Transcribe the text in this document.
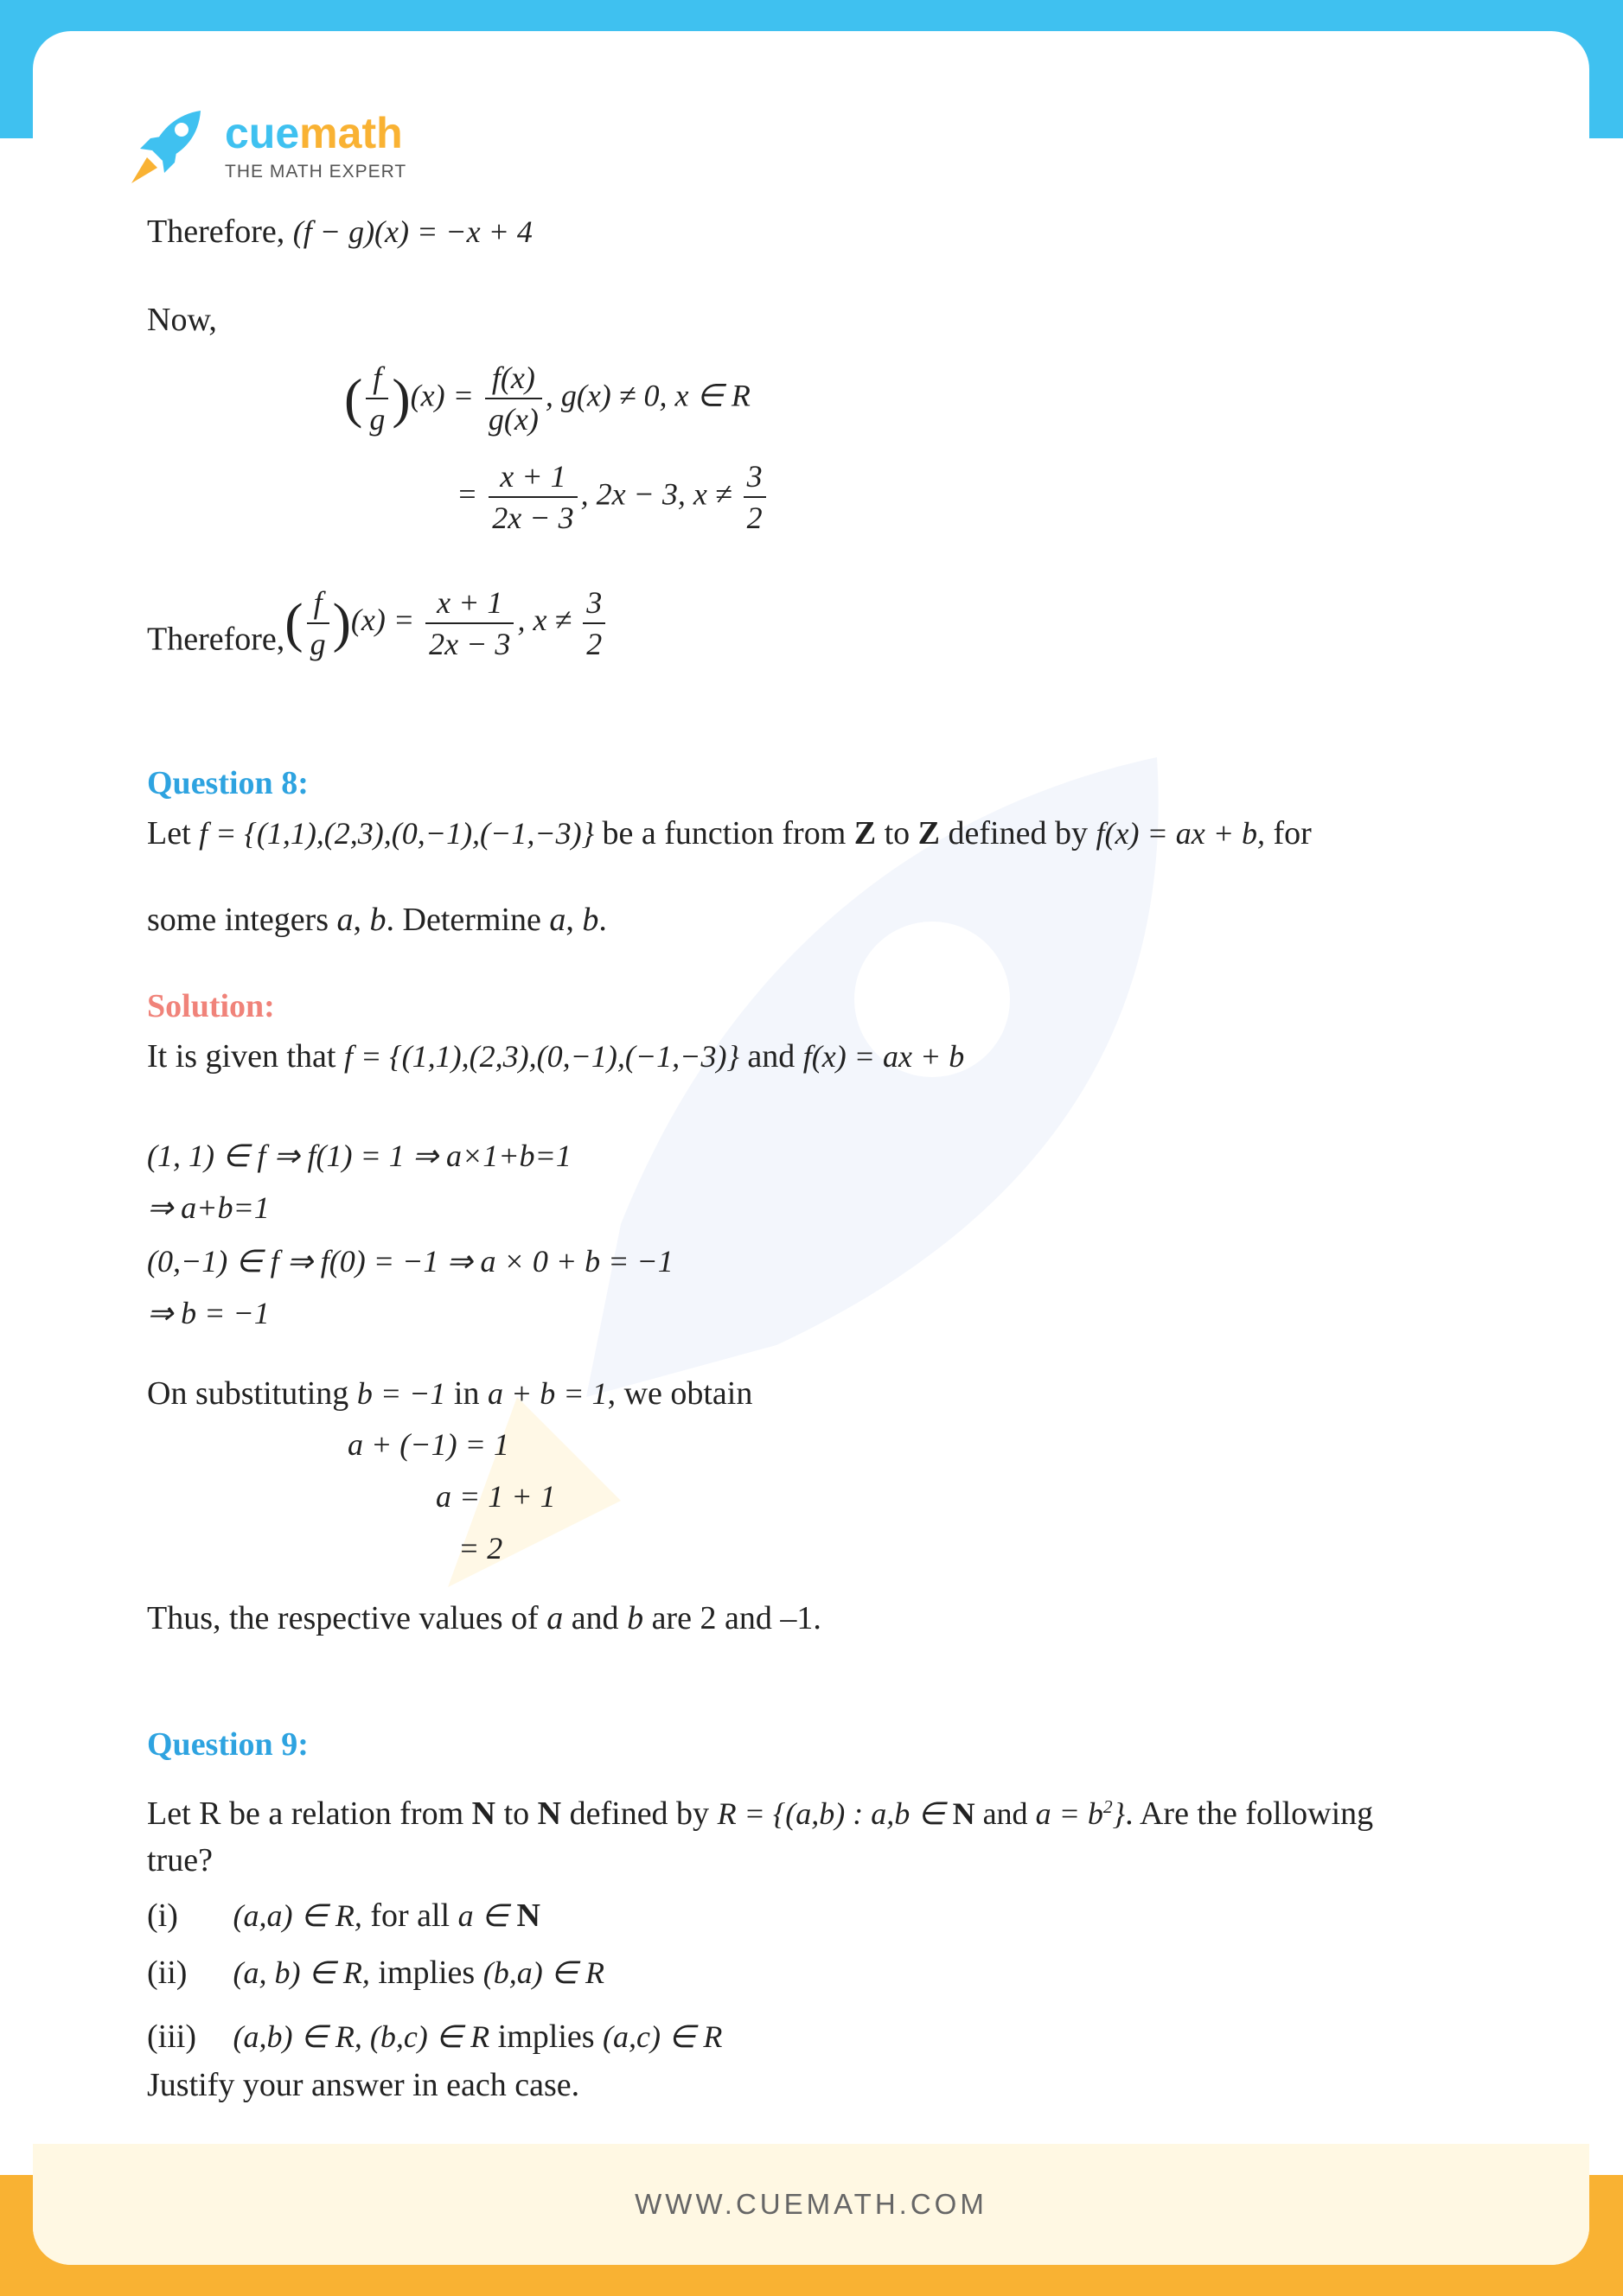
cuemath
THE MATH EXPERT
Therefore, (f − g)(x) = −x + 4
Now,
( $\frac{f}{g} )(x) = \frac{f(x)}{g(x)}$ , g(x) ≠ 0, x ∈ R
= $\frac{x + 1}{2x - 3}$ , 2x − 3, $x \ne \frac{3}{2}$
Therefore,( $\frac{f}{g} )(x) = \frac{x + 1}{2x - 3}$ , $x \ne \frac{3}{2}$
Question 8:
Let f = {(1,1),(2,3),(0,−1),(−1,−3)} be a function from Z to Z defined by f(x) = ax + b, for
some integers a, b. Determine a, b.
Solution:
It is given that f = {(1,1),(2,3),(0,−1),(−1,−3)} and f(x) = ax + b
(1, 1) ∈ f ⇒ f(1) = 1 ⇒ a×1+b=1
⇒ a+b=1
(0,−1) ∈ f ⇒ f(0) = −1 ⇒ a × 0 + b = −1
⇒ b = −1
On substituting b = −1 in a + b = 1, we obtain
a + (−1) = 1
a = 1 + 1
= 2
Thus, the respective values of a and b are 2 and –1.
Question 9:
Let R be a relation from N to N defined by R = {(a,b) : a,b ∈ N and $a = b^2$}. Are the following
true?
(i) (a,a) ∈ R, for all a ∈ N
(ii) (a, b) ∈ R, implies (b,a) ∈ R
(iii) (a,b) ∈ R, (b,c) ∈ R implies (a,c) ∈ R
Justify your answer in each case.
WWW.CUEMATH.COM
